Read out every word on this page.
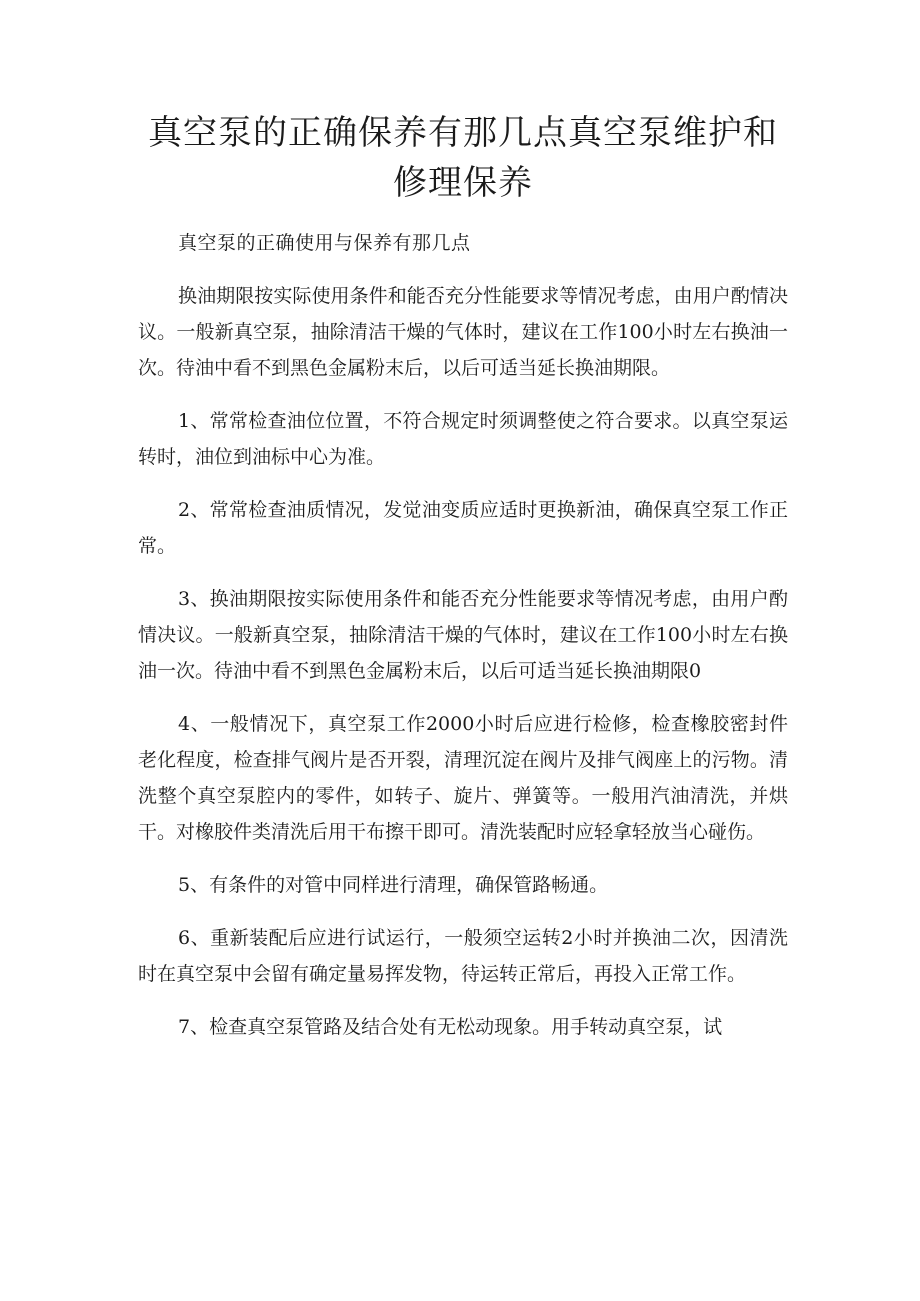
真空泵的正确保养有那几点真空泵维护和修理保养

真空泵的正确使用与保养有那几点

换油期限按实际使用条件和能否充分性能要求等情况考虑，由用户酌情决议。一般新真空泵，抽除清洁干燥的气体时，建议在工作100小时左右换油一次。待油中看不到黑色金属粉末后，以后可适当延长换油期限。

1、常常检查油位位置，不符合规定时须调整使之符合要求。以真空泵运转时，油位到油标中心为准。

2、常常检查油质情况，发觉油变质应适时更换新油，确保真空泵工作正常。

3、换油期限按实际使用条件和能否充分性能要求等情况考虑，由用户酌情决议。一般新真空泵，抽除清洁干燥的气体时，建议在工作100小时左右换油一次。待油中看不到黑色金属粉末后，以后可适当延长换油期限0

4、一般情况下，真空泵工作2000小时后应进行检修，检查橡胶密封件老化程度，检查排气阀片是否开裂，清理沉淀在阀片及排气阀座上的污物。清洗整个真空泵腔内的零件，如转子、旋片、弹簧等。一般用汽油清洗，并烘干。对橡胶件类清洗后用干布擦干即可。清洗装配时应轻拿轻放当心碰伤。

5、有条件的对管中同样进行清理，确保管路畅通。

6、重新装配后应进行试运行，一般须空运转2小时并换油二次，因清洗时在真空泵中会留有确定量易挥发物，待运转正常后，再投入正常工作。

7、检查真空泵管路及结合处有无松动现象。用手转动真空泵，试
